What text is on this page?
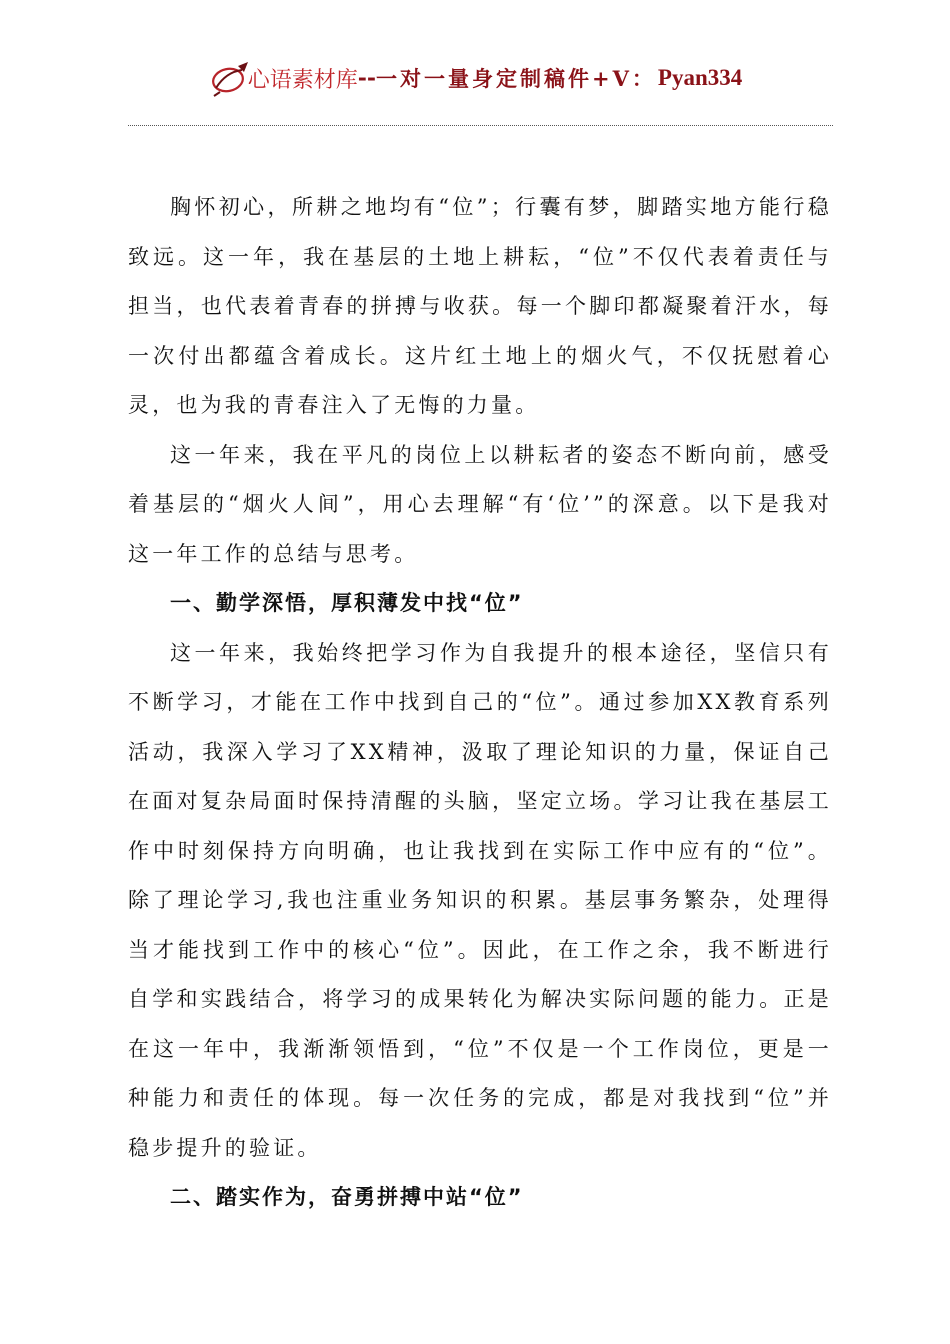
心语素材库 -- 一对一量身定制稿件+V： Pyan334

胸怀初心，所耕之地均有“位”；行囊有梦，脚踏实地方能行稳致远。这一年，我在基层的土地上耕耘，“位”不仅代表着责任与担当，也代表着青春的拼搏与收获。每一个脚印都凝聚着汗水，每一次付出都蕴含着成长。这片红土地上的烟火气，不仅抚慰着心灵，也为我的青春注入了无悔的力量。

这一年来，我在平凡的岗位上以耕耘者的姿态不断向前，感受着基层的“烟火人间”，用心去理解“有‘位’”的深意。以下是我对这一年工作的总结与思考。

一、勤学深悟，厚积薄发中找“位”

这一年来，我始终把学习作为自我提升的根本途径，坚信只有不断学习，才能在工作中找到自己的“位”。通过参加XX教育系列活动，我深入学习了XX精神，汲取了理论知识的力量，保证自己在面对复杂局面时保持清醒的头脑，坚定立场。学习让我在基层工作中时刻保持方向明确，也让我找到在实际工作中应有的“位”。除了理论学习,我也注重业务知识的积累。基层事务繁杂，处理得当才能找到工作中的核心“位”。因此，在工作之余，我不断进行自学和实践结合，将学习的成果转化为解决实际问题的能力。正是在这一年中，我渐渐领悟到，“位”不仅是一个工作岗位，更是一种能力和责任的体现。每一次任务的完成，都是对我找到“位”并稳步提升的验证。

二、踏实作为，奋勇拼搏中站“位”
